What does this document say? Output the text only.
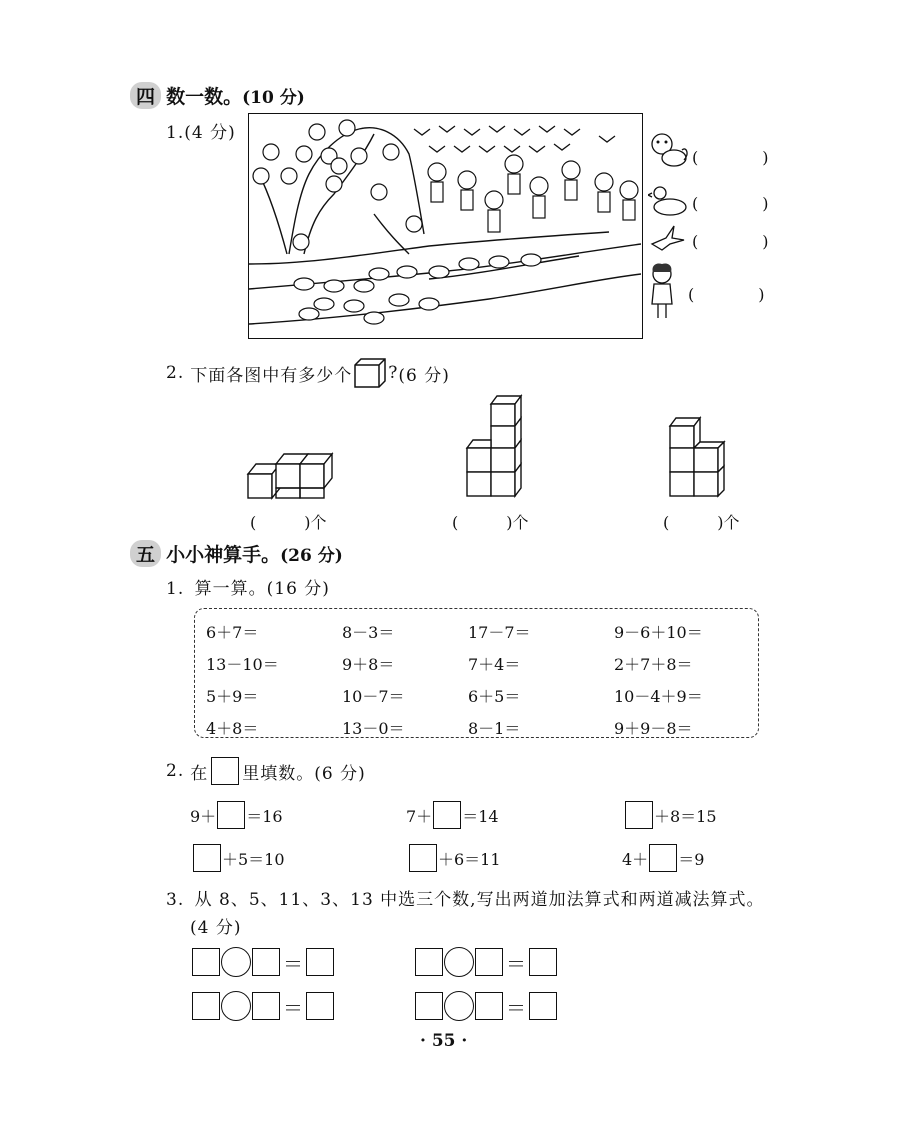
四 数一数。(10 分)
1.(4 分)
(　　　　)
(　　　　)
(　　　　)
(　　　　)
2. 下面各图中有多少个 ? (6 分)
(　　　)个	(　　　)个	(　　　)个
五 小小神算手。(26 分)
1. 算一算。(16 分)
6＋7＝	8－3＝	17－7＝	9－6＋10＝
13－10＝	9＋8＝	7＋4＝	2＋7＋8＝
5＋9＝	10－7＝	6＋5＝	10－4＋9＝
4＋8＝	13－0＝	8－1＝	9＋9－8＝
2. 在 里填数。 (6 分)
9＋ ＝16	7＋ ＝14	＋8＝15
＋5＝10	＋6＝11	4＋ ＝9
3. 从 8、5、11、3、13 中选三个数,写出两道加法算式和两道减法算式。
(4 分)
＝	＝
＝	＝
· 55 ·
